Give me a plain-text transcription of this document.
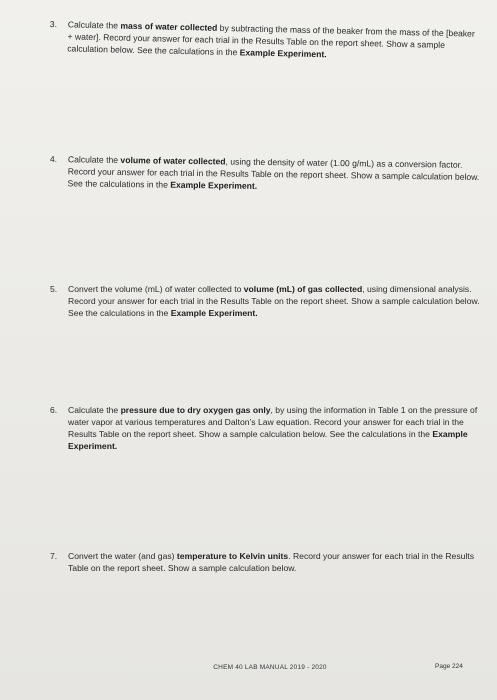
3.	Calculate the mass of water collected by subtracting the mass of the beaker from the mass of the [beaker + water]. Record your answer for each trial in the Results Table on the report sheet. Show a sample calculation below. See the calculations in the Example Experiment.
4.	Calculate the volume of water collected, using the density of water (1.00 g/mL) as a conversion factor. Record your answer for each trial in the Results Table on the report sheet. Show a sample calculation below. See the calculations in the Example Experiment.
5.	Convert the volume (mL) of water collected to volume (mL) of gas collected, using dimensional analysis. Record your answer for each trial in the Results Table on the report sheet. Show a sample calculation below. See the calculations in the Example Experiment.
6.	Calculate the pressure due to dry oxygen gas only, by using the information in Table 1 on the pressure of water vapor at various temperatures and Dalton’s Law equation. Record your answer for each trial in the Results Table on the report sheet. Show a sample calculation below. See the calculations in the Example Experiment.
7.	Convert the water (and gas) temperature to Kelvin units. Record your answer for each trial in the Results Table on the report sheet. Show a sample calculation below.
CHEM 40 LAB MANUAL 2019 - 2020	Page 224
